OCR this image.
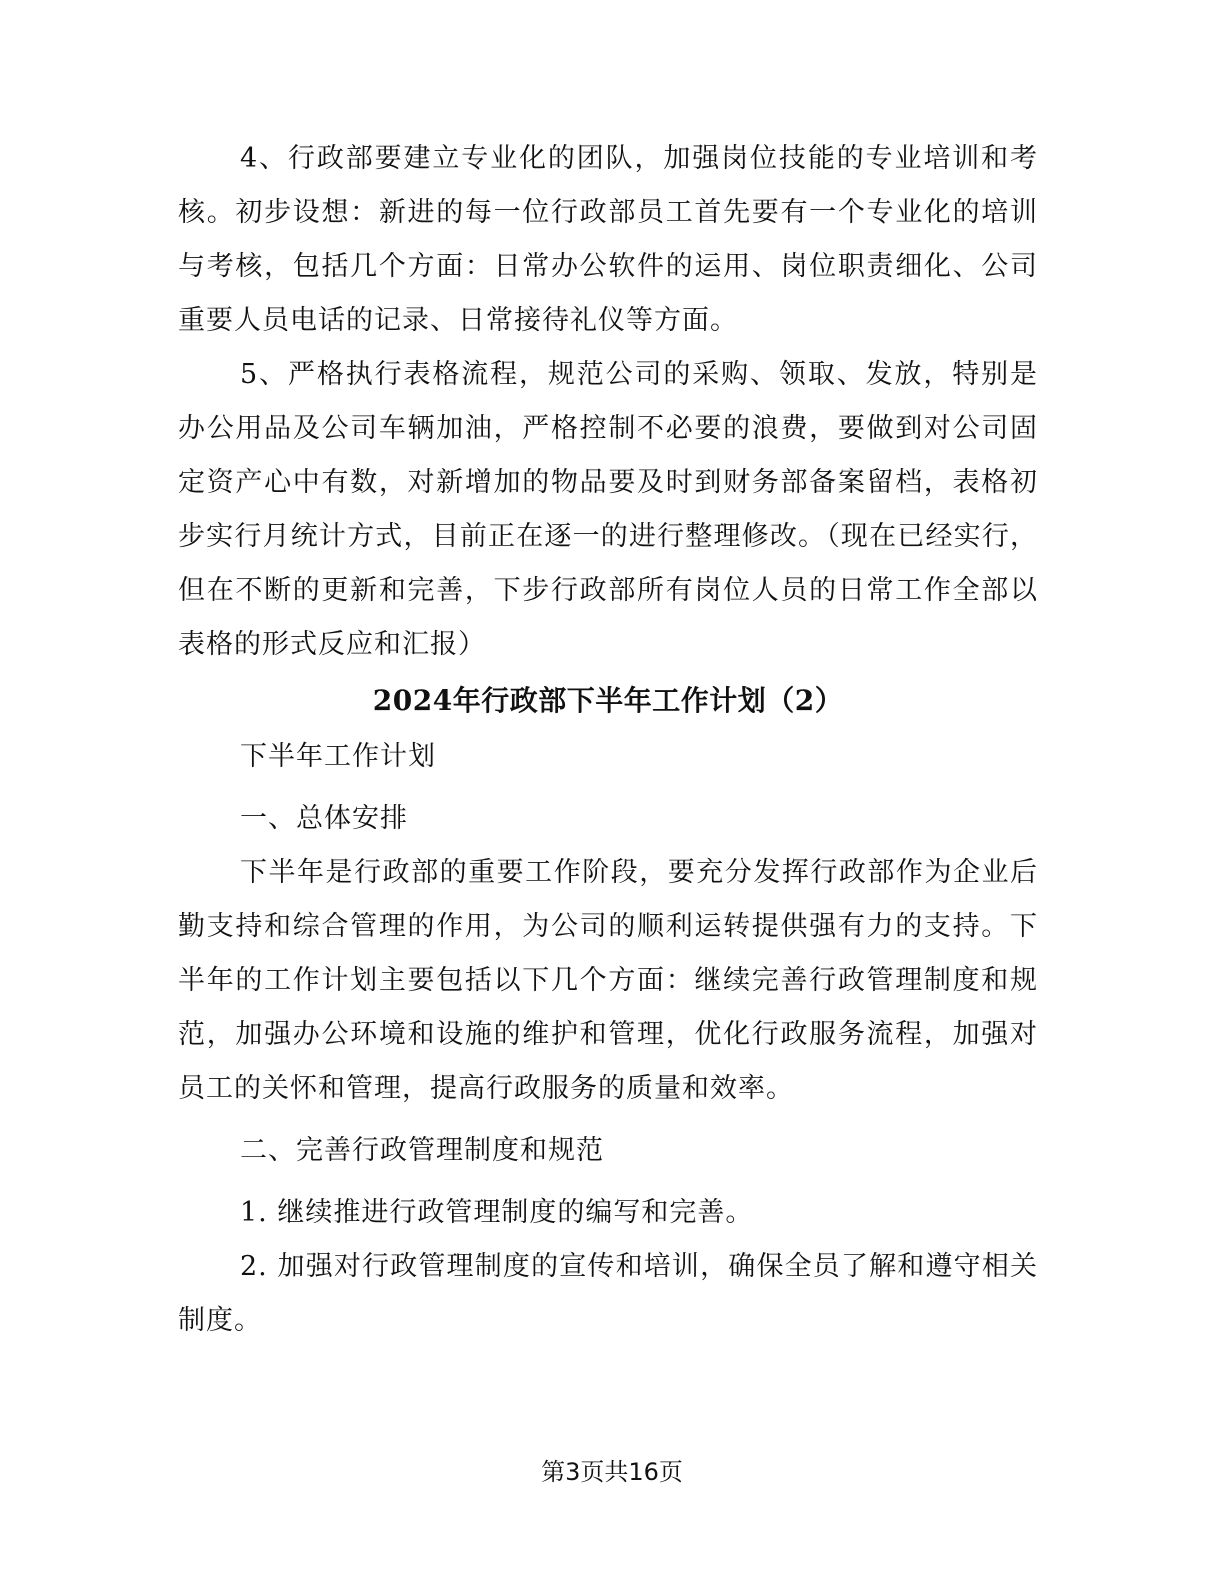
4、行政部要建立专业化的团队，加强岗位技能的专业培训和考核。初步设想：新进的每一位行政部员工首先要有一个专业化的培训与考核，包括几个方面：日常办公软件的运用、岗位职责细化、公司重要人员电话的记录、日常接待礼仪等方面。

5、严格执行表格流程，规范公司的采购、领取、发放，特别是办公用品及公司车辆加油，严格控制不必要的浪费，要做到对公司固定资产心中有数，对新增加的物品要及时到财务部备案留档，表格初步实行月统计方式，目前正在逐一的进行整理修改。（现在已经实行，但在不断的更新和完善，下步行政部所有岗位人员的日常工作全部以表格的形式反应和汇报）

2024年行政部下半年工作计划（2）

下半年工作计划

一、总体安排

下半年是行政部的重要工作阶段，要充分发挥行政部作为企业后勤支持和综合管理的作用，为公司的顺利运转提供强有力的支持。下半年的工作计划主要包括以下几个方面：继续完善行政管理制度和规范，加强办公环境和设施的维护和管理，优化行政服务流程，加强对员工的关怀和管理，提高行政服务的质量和效率。

二、完善行政管理制度和规范

1. 继续推进行政管理制度的编写和完善。

2. 加强对行政管理制度的宣传和培训，确保全员了解和遵守相关制度。

第3页共16页
